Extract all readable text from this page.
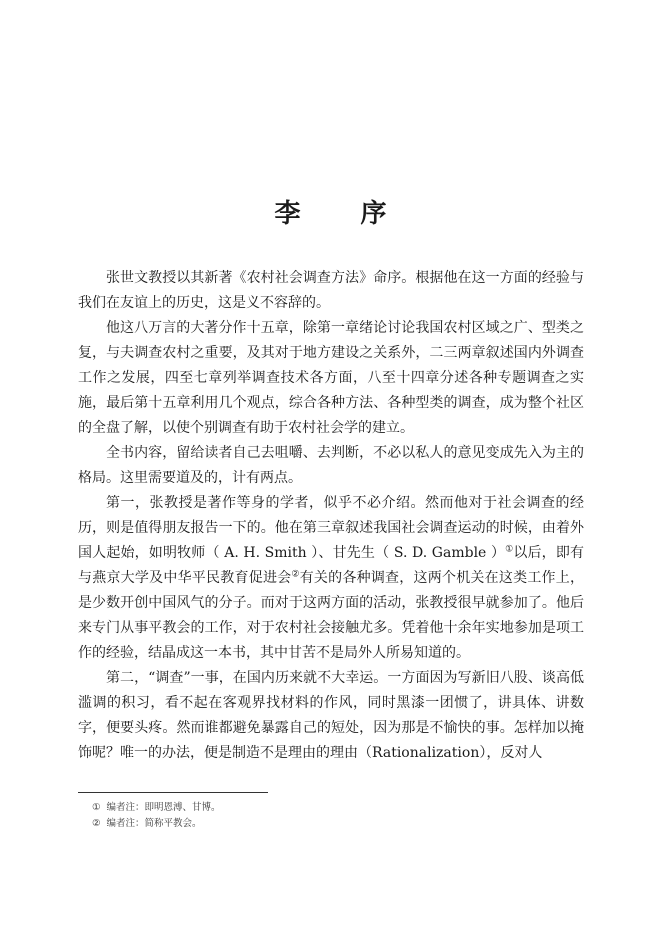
李 序

张世文教授以其新著《农村社会调查方法》命序。根据他在这一方面的经验与我们在友谊上的历史，这是义不容辞的。

他这八万言的大著分作十五章，除第一章绪论讨论我国农村区域之广、型类之复，与夫调查农村之重要，及其对于地方建设之关系外，二三两章叙述国内外调查工作之发展，四至七章列举调查技术各方面，八至十四章分述各种专题调查之实施，最后第十五章利用几个观点，综合各种方法、各种型类的调查，成为整个社区的全盘了解，以使个别调查有助于农村社会学的建立。

全书内容，留给读者自己去咀嚼、去判断，不必以私人的意见变成先入为主的格局。这里需要道及的，计有两点。

第一，张教授是著作等身的学者，似乎不必介绍。然而他对于社会调查的经历，则是值得朋友报告一下的。他在第三章叙述我国社会调查运动的时候，由着外国人起始，如明牧师（ A. H. Smith ）、甘先生（ S. D. Gamble ）①以后，即有与燕京大学及中华平民教育促进会②有关的各种调查，这两个机关在这类工作上，是少数开创中国风气的分子。而对于这两方面的活动，张教授很早就参加了。他后来专门从事平教会的工作，对于农村社会接触尤多。凭着他十余年实地参加是项工作的经验，结晶成这一本书，其中甘苦不是局外人所易知道的。

第二，“调查”一事，在国内历来就不大幸运。一方面因为写新旧八股、谈高低滥调的积习，看不起在客观界找材料的作风，同时黑漆一团惯了，讲具体、讲数字，便要头疼。然而谁都避免暴露自己的短处，因为那是不愉快的事。怎样加以掩饰呢？唯一的办法，便是制造不是理由的理由（Rationalization），反对人

① 编者注：即明恩溥、甘博。
② 编者注：简称平教会。
